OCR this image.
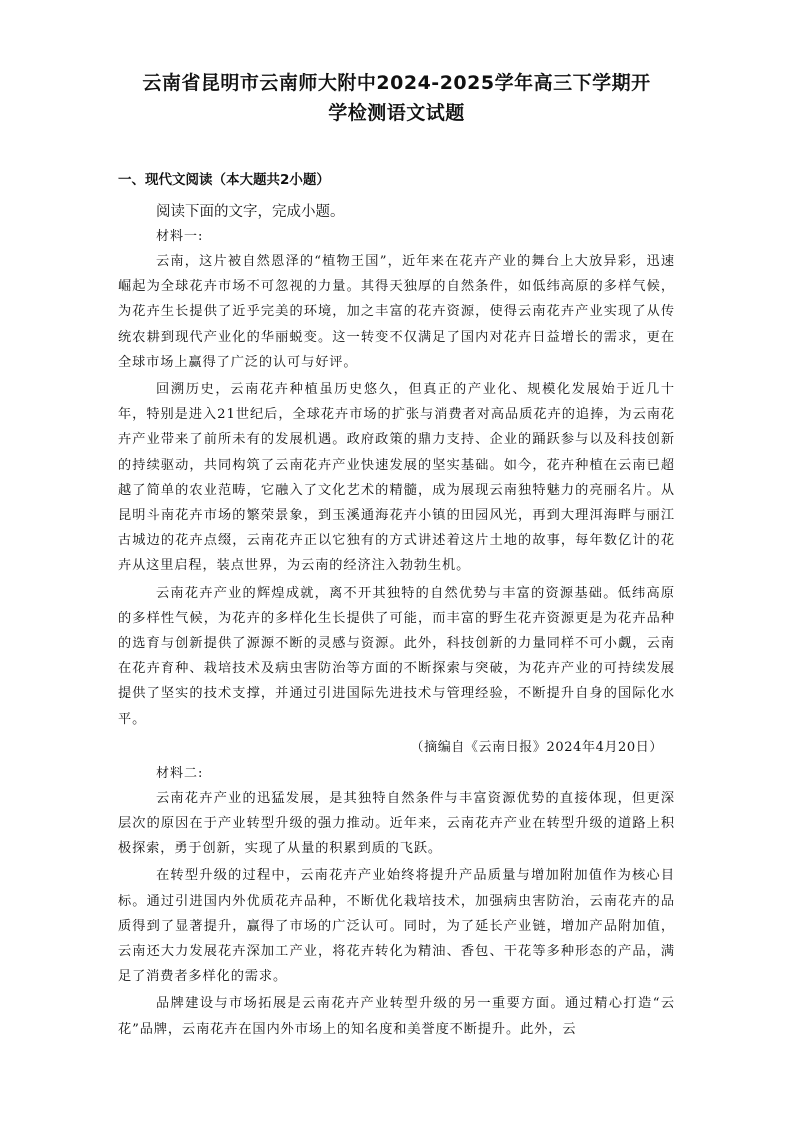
云南省昆明市云南师大附中2024-2025学年高三下学期开
学检测语文试题
一、现代文阅读（本大题共2小题）
阅读下面的文字，完成小题。
材料一:

云南，这片被自然恩泽的“植物王国”，近年来在花卉产业的舞台上大放异彩，迅速崛起为全球花卉市场不可忽视的力量。其得天独厚的自然条件，如低纬高原的多样气候，为花卉生长提供了近乎完美的环境，加之丰富的花卉资源，使得云南花卉产业实现了从传统农耕到现代产业化的华丽蜕变。这一转变不仅满足了国内对花卉日益增长的需求，更在全球市场上赢得了广泛的认可与好评。

回溯历史，云南花卉种植虽历史悠久，但真正的产业化、规模化发展始于近几十年，特别是进入21世纪后，全球花卉市场的扩张与消费者对高品质花卉的追捧，为云南花卉产业带来了前所未有的发展机遇。政府政策的鼎力支持、企业的踊跃参与以及科技创新的持续驱动，共同构筑了云南花卉产业快速发展的坚实基础。如今，花卉种植在云南已超越了简单的农业范畴，它融入了文化艺术的精髓，成为展现云南独特魅力的亮丽名片。从昆明斗南花卉市场的繁荣景象，到玉溪通海花卉小镇的田园风光，再到大理洱海畔与丽江古城边的花卉点缀，云南花卉正以它独有的方式讲述着这片土地的故事，每年数亿计的花卉从这里启程，装点世界，为云南的经济注入勃勃生机。

云南花卉产业的辉煌成就，离不开其独特的自然优势与丰富的资源基础。低纬高原的多样性气候，为花卉的多样化生长提供了可能，而丰富的野生花卉资源更是为花卉品种的选育与创新提供了源源不断的灵感与资源。此外，科技创新的力量同样不可小觑，云南在花卉育种、栽培技术及病虫害防治等方面的不断探索与突破，为花卉产业的可持续发展提供了坚实的技术支撑，并通过引进国际先进技术与管理经验，不断提升自身的国际化水平。

（摘编自《云南日报》2024年4月20日）
材料二:

云南花卉产业的迅猛发展，是其独特自然条件与丰富资源优势的直接体现，但更深层次的原因在于产业转型升级的强力推动。近年来，云南花卉产业在转型升级的道路上积极探索，勇于创新，实现了从量的积累到质的飞跃。

在转型升级的过程中，云南花卉产业始终将提升产品质量与增加附加值作为核心目标。通过引进国内外优质花卉品种，不断优化栽培技术，加强病虫害防治，云南花卉的品质得到了显著提升，赢得了市场的广泛认可。同时，为了延长产业链，增加产品附加值，云南还大力发展花卉深加工产业，将花卉转化为精油、香包、干花等多种形态的产品，满足了消费者多样化的需求。

品牌建设与市场拓展是云南花卉产业转型升级的另一重要方面。通过精心打造“云花”品牌，云南花卉在国内外市场上的知名度和美誉度不断提升。此外，云
